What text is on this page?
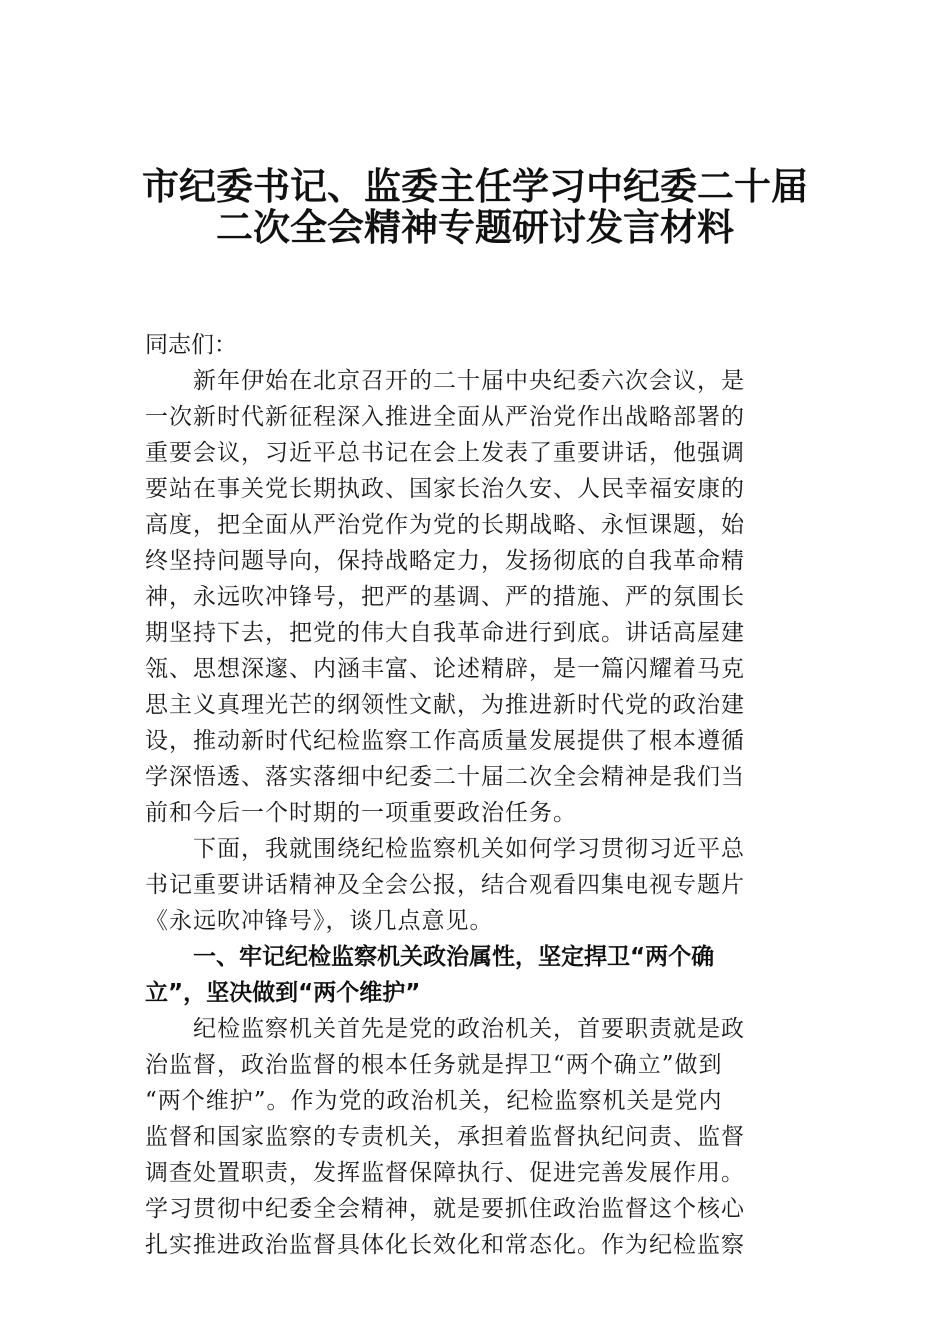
市纪委书记、监委主任学习中纪委二十届
二次全会精神专题研讨发言材料
同志们：
新年伊始在北京召开的二十届中央纪委六次会议，是
一次新时代新征程深入推进全面从严治党作出战略部署的
重要会议，习近平总书记在会上发表了重要讲话，他强调
要站在事关党长期执政、国家长治久安、人民幸福安康的
高度，把全面从严治党作为党的长期战略、永恒课题，始
终坚持问题导向，保持战略定力，发扬彻底的自我革命精
神，永远吹冲锋号，把严的基调、严的措施、严的氛围长
期坚持下去，把党的伟大自我革命进行到底。讲话高屋建
瓴、思想深邃、内涵丰富、论述精辟，是一篇闪耀着马克
思主义真理光芒的纲领性文献，为推进新时代党的政治建
设，推动新时代纪检监察工作高质量发展提供了根本遵循
学深悟透、落实落细中纪委二十届二次全会精神是我们当
前和今后一个时期的一项重要政治任务。
下面，我就围绕纪检监察机关如何学习贯彻习近平总
书记重要讲话精神及全会公报，结合观看四集电视专题片
《永远吹冲锋号》，谈几点意见。
一、牢记纪检监察机关政治属性，坚定捍卫“两个确
立”，坚决做到“两个维护”
纪检监察机关首先是党的政治机关，首要职责就是政
治监督，政治监督的根本任务就是捍卫“两个确立”做到
“两个维护”。作为党的政治机关，纪检监察机关是党内
监督和国家监察的专责机关，承担着监督执纪问责、监督
调查处置职责，发挥监督保障执行、促进完善发展作用。
学习贯彻中纪委全会精神，就是要抓住政治监督这个核心
扎实推进政治监督具体化长效化和常态化。作为纪检监察
